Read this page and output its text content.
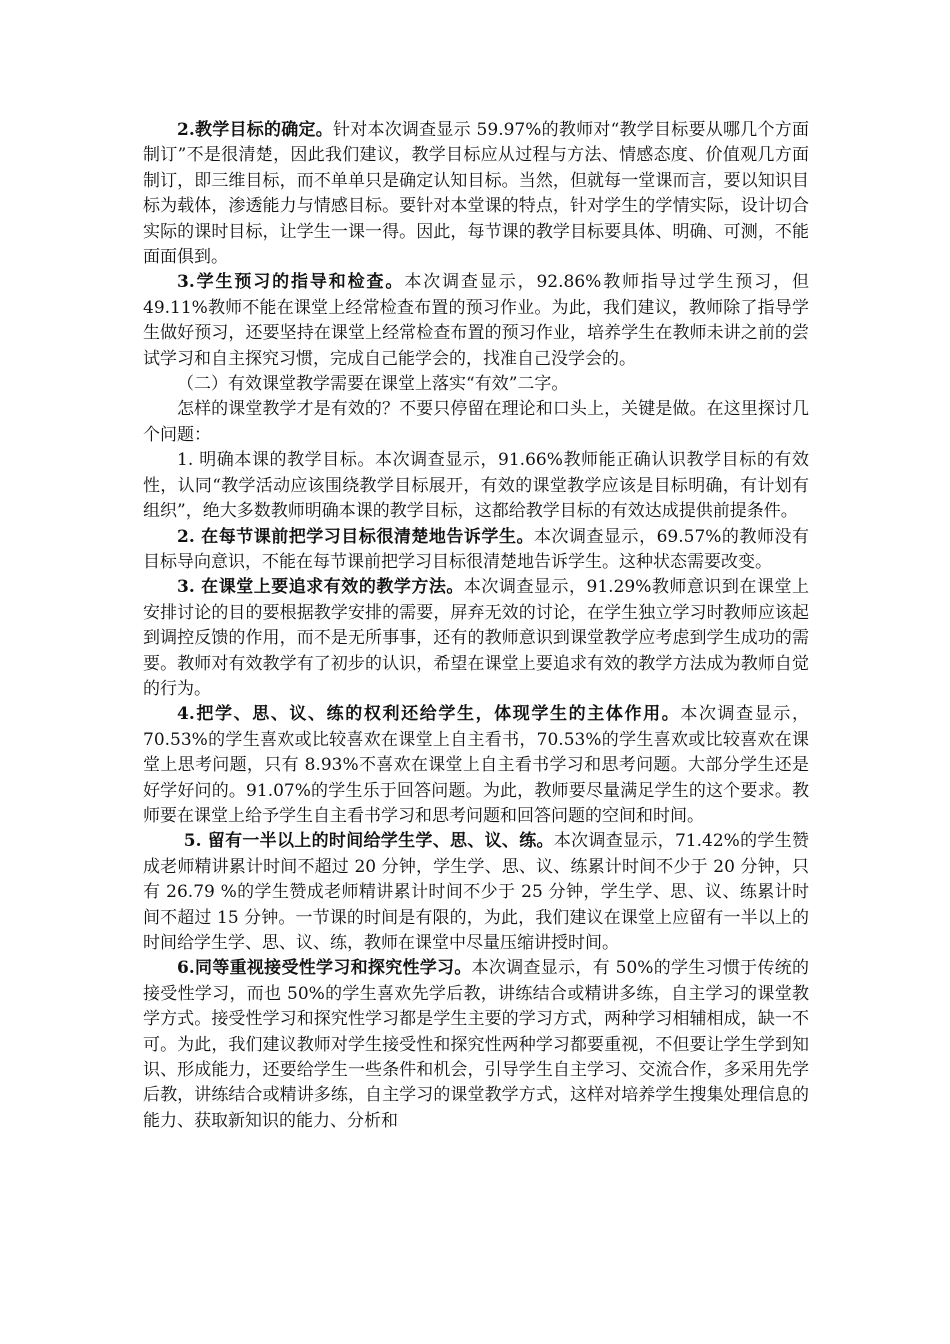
2.教学目标的确定。针对本次调查显示 59.97%的教师对“教学目标要从哪几个方面制订”不是很清楚，因此我们建议，教学目标应从过程与方法、情感态度、价值观几方面制订，即三维目标，而不单单只是确定认知目标。当然，但就每一堂课而言，要以知识目标为载体，渗透能力与情感目标。要针对本堂课的特点，针对学生的学情实际，设计切合实际的课时目标，让学生一课一得。因此，每节课的教学目标要具体、明确、可测，不能面面俱到。

3.学生预习的指导和检查。本次调查显示，92.86%教师指导过学生预习，但 49.11%教师不能在课堂上经常检查布置的预习作业。为此，我们建议，教师除了指导学生做好预习，还要坚持在课堂上经常检查布置的预习作业，培养学生在教师未讲之前的尝试学习和自主探究习惯，完成自己能学会的，找准自己没学会的。

（二）有效课堂教学需要在课堂上落实“有效”二字。

怎样的课堂教学才是有效的？不要只停留在理论和口头上，关键是做。在这里探讨几个问题：

1. 明确本课的教学目标。本次调查显示，91.66%教师能正确认识教学目标的有效性，认同“教学活动应该围绕教学目标展开，有效的课堂教学应该是目标明确，有计划有组织”，绝大多数教师明确本课的教学目标，这都给教学目标的有效达成提供前提条件。

2. 在每节课前把学习目标很清楚地告诉学生。本次调查显示，69.57%的教师没有目标导向意识，不能在每节课前把学习目标很清楚地告诉学生。这种状态需要改变。

3. 在课堂上要追求有效的教学方法。本次调查显示，91.29%教师意识到在课堂上安排讨论的目的要根据教学安排的需要，屏弃无效的讨论，在学生独立学习时教师应该起到调控反馈的作用，而不是无所事事，还有的教师意识到课堂教学应考虑到学生成功的需要。教师对有效教学有了初步的认识，希望在课堂上要追求有效的教学方法成为教师自觉的行为。

4.把学、思、议、练的权利还给学生，体现学生的主体作用。本次调查显示，70.53%的学生喜欢或比较喜欢在课堂上自主看书，70.53%的学生喜欢或比较喜欢在课堂上思考问题，只有 8.93%不喜欢在课堂上自主看书学习和思考问题。大部分学生还是好学好问的。91.07%的学生乐于回答问题。为此，教师要尽量满足学生的这个要求。教师要在课堂上给予学生自主看书学习和思考问题和回答问题的空间和时间。

5. 留有一半以上的时间给学生学、思、议、练。本次调查显示，71.42%的学生赞成老师精讲累计时间不超过 20 分钟，学生学、思、议、练累计时间不少于 20 分钟，只有 26.79 %的学生赞成老师精讲累计时间不少于 25 分钟，学生学、思、议、练累计时间不超过 15 分钟。一节课的时间是有限的，为此，我们建议在课堂上应留有一半以上的时间给学生学、思、议、练，教师在课堂中尽量压缩讲授时间。

6.同等重视接受性学习和探究性学习。本次调查显示，有 50%的学生习惯于传统的接受性学习，而也 50%的学生喜欢先学后教，讲练结合或精讲多练，自主学习的课堂教学方式。接受性学习和探究性学习都是学生主要的学习方式，两种学习相辅相成，缺一不可。为此，我们建议教师对学生接受性和探究性两种学习都要重视，不但要让学生学到知识、形成能力，还要给学生一些条件和机会，引导学生自主学习、交流合作，多采用先学后教，讲练结合或精讲多练，自主学习的课堂教学方式，这样对培养学生搜集处理信息的能力、获取新知识的能力、分析和
